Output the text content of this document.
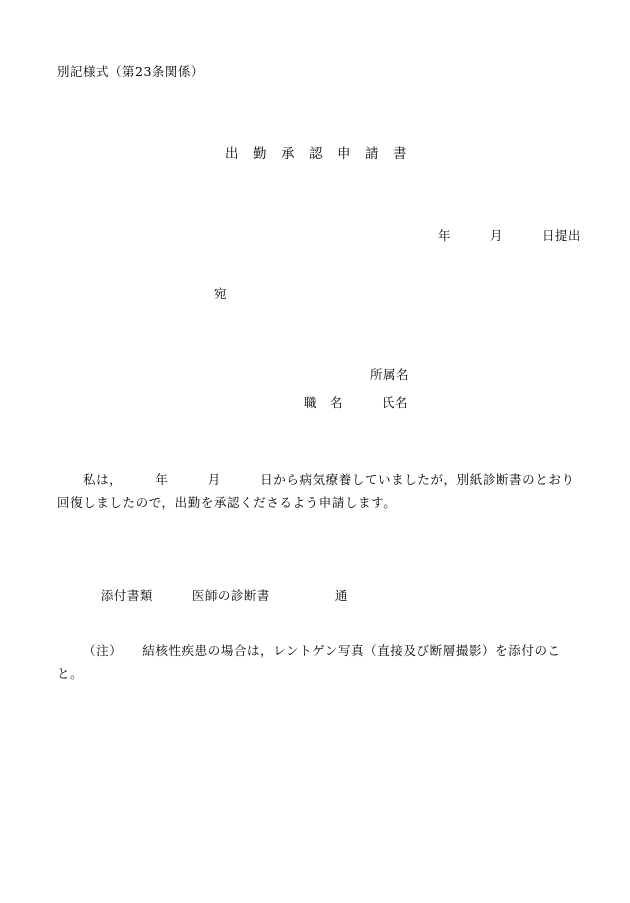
別記様式（第23条関係）
出　勤　承　認　申　請　書
年　　　月　　　日提出
宛
所属名
職　名　　　氏名
私は，　　　年　　　月　　　日から病気療養していましたが，別紙診断書のとおり回復しましたので，出勤を承認くださるよう申請します。

添付書類　　　医師の診断書　　　　　通

（注）　　結核性疾患の場合は，レントゲン写真（直接及び断層撮影）を添付のこと。
